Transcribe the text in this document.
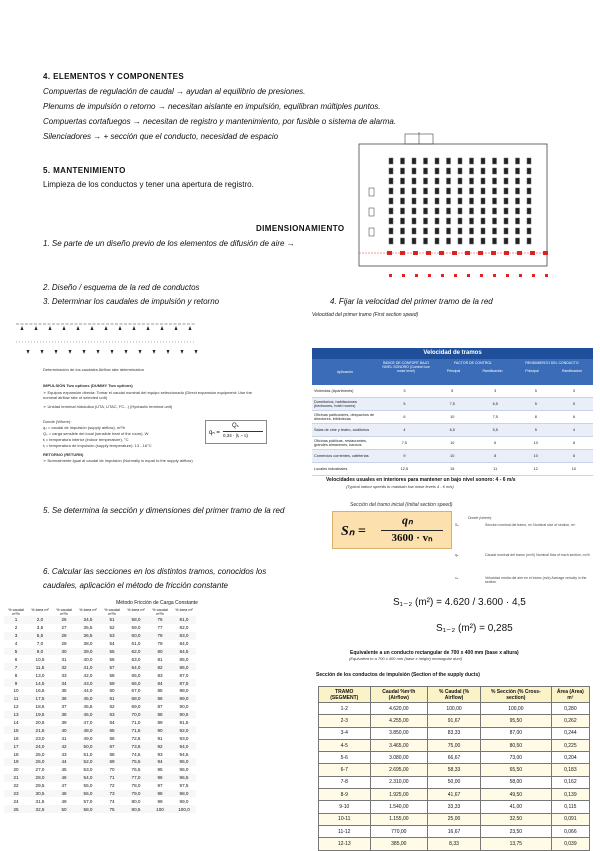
4. ELEMENTOS Y COMPONENTES
Compuertas de regulación de caudal → ayudan al equilibrio de presiones.
Plenums de impulsión o retorno → necesitan aislante en impulsión, equilibran múltiples puntos.
Compuertas cortafuegos → necesitan de registro y mantenimiento, por fusible o sistema de alarma.
Silenciadores → + sección que el conducto, necesidad de espacio
5. MANTENIMIENTO
Limpieza de los conductos y tener una apertura de registro.
DIMENSIONAMIENTO
1. Se parte de un diseño previo de los elementos de difusión de aire →
2. Diseño / esquema de la red de conductos
3. Determinar los caudales de impulsión y retorno	4. Fijar la velocidad del primer tramo de la red
Determinación de los caudales Airflow rate determination
IMPULSIÓN Two options (DUMMY Two options)
➢ Equipos expansión directa: Tomar el caudal nominal del equipo seleccionado (Direct expansion equipment: Use the nominal airflow rate of selected unit)
➢ Unidad terminal hidráulica (UTA, UTAC, FC...) (Hydraulic terminal unit)
Donde (Where):
qₙ = caudal de impulsión (supply airflow), m³/h
Qₛ = carga sensible del local (sensible heat of the room), W
tᵢ = temperatura interior (indoor temperature), °C
tᵢ = temperatura de impulsión (supply temperature): 13 - 16°C
RETORNO (RETURN)
➢ Normalmente igual al caudal de impulsión (Normally is equal to the supply airflow)
qₙ =
Qₛ
0,34 · (tᵢ − tₗ)
Velocidad del primer tramo (First section speed)
Velocidad de tramos
Aplicación
ÍNDICE DE CONFORT BAJO NIVEL SONORO (Comfort low noise level)
FACTOR DE CONTROL
Principal	Ramificación
RENDIMIENTO DEL CONDUCTO
Principal	Ramificación
Viviendas (Apartments)	3	5	3	5	3
Dormitorios, habitaciones (bedrooms, hotel rooms)	5	7,5	6,5	5	5
Oficinas particulares, despachos de directores, bibliotecas	6	10	7,5	8	6
Salas de cine y teatro, auditorios	4	6,5	5,5	5	4
Oficinas públicas, restaurantes, grandes almacenes, bancos	7,5	10	6	10	8
Comercios corrientes, cafeterías	9	10	8	10	6
Locales industriales	12,5	15	11	12	10
Velocidades usuales en interiores para mantener un bajo nivel sonoro: 4 - 6 m/s
(Typical indoor speeds to maintain low noise levels 4 - 6 m/s)
5. Se determina la sección y dimensiones del primer tramo de la red
Sección del tramo inicial (Initial section speed)
Sₙ =
qₙ
3600 · vₙ
Donde (where):
Sₙ	Sección nominal del tramo, m² Nominal size of section, m²
qₙ	Caudal nominal del tramo (m³/h) Nominal flow of each section, m³/h
vₙ	Velocidad media del aire en el tramo (m/s) Average velocity in the section
6. Calcular las secciones en los distintos tramos, conocidos los
caudales, aplicación el método de fricción constante
S₁₋₂ (m²) = 4.620 / 3.600 · 4,5
S₁₋₂ (m²) = 0,285
Equivalente a un conducto rectangular de 700 x 400 mm (base x altura)
(Equivalent to a 700 x 400 mm (base x height) rectangular duct)
Sección de los conductos de impulsión (Section of the supply ducts)
TRAMO (SEGMENT)	Caudal %m³/h (Airflow)	% Caudal (% Airflow)	% Sección (% Cross-section)	Área (Area) m²
1-2	4.620,00	100,00	100,00	0,280
2-3	4.255,00	91,67	95,50	0,262
3-4	3.850,00	83,33	87,00	0,244
4-5	3.465,00	75,00	80,50	0,225
5-6	3.080,00	66,67	73,00	0,204
6-7	2.695,00	58,33	65,50	0,183
7-8	2.310,00	50,00	58,00	0,162
8-9	1.925,00	41,67	49,50	0,139
9-10	1.540,00	33,33	41,00	0,115
10-11	1.155,00	25,00	32,50	0,091
11-12	770,00	16,67	23,50	0,066
12-13	385,00	8,33	13,75	0,039
Método Fricción de Carga Constante
% caudal m³/h	% área m²	% caudal m³/h	% área m²	% caudal m³/h	% área m²	% caudal m³/h	% área m²
1	2,0	26	34,5	51	58,0	76	81,0
2	3,5	27	35,5	52	59,0	77	82,0
3	5,5	28	36,5	53	60,0	78	83,0
4	7,0	29	38,0	54	61,0	79	84,0
5	9,0	30	39,0	55	62,0	80	84,5
6	10,5	31	40,0	56	63,0	81	85,0
7	11,5	32	41,0	57	64,0	82	86,0
8	13,0	33	42,0	58	65,0	83	87,0
9	14,5	34	43,0	59	66,0	84	87,5
10	16,5	35	44,0	60	67,0	85	88,0
11	17,5	36	45,0	61	68,0	86	89,0
12	18,5	37	45,5	62	69,0	87	90,0
13	19,5	38	46,0	63	70,0	88	90,5
14	20,5	39	47,0	64	71,0	89	91,5
15	21,5	40	48,0	65	71,5	90	92,0
16	23,0	41	49,0	66	72,5	91	93,0
17	24,0	42	50,0	67	73,5	92	94,0
18	25,0	43	51,0	68	74,5	93	94,5
19	26,0	44	52,0	69	75,5	94	95,0
20	27,0	45	53,0	70	76,5	95	96,0
21	28,0	46	54,0	71	77,0	96	96,5
22	29,5	47	55,0	72	78,0	97	97,5
23	30,5	48	56,0	73	79,0	98	98,0
24	31,5	49	57,0	74	80,0	99	99,0
25	32,5	50	58,0	75	80,5	100	100,0
